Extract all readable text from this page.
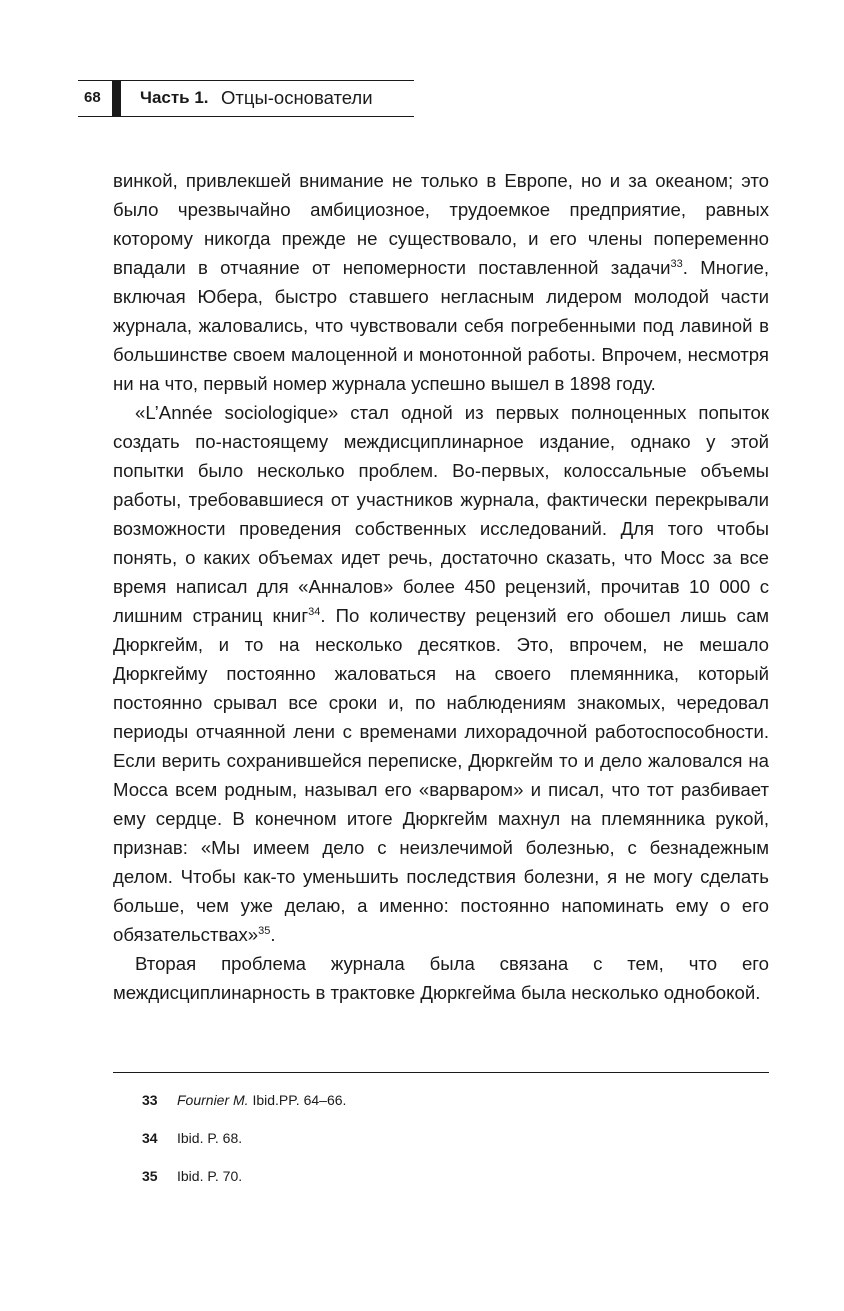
68 Часть 1. Отцы-основатели

винкой, привлекшей внимание не только в Европе, но и за океаном; это было чрезвычайно амбициозное, трудоемкое предприятие, равных которому никогда прежде не существовало, и его члены попеременно впадали в отчаяние от непомерности поставленной задачи$^{33}$. Многие, включая Юбера, быстро ставшего негласным лидером молодой части журнала, жаловались, что чувствовали себя погребенными под лавиной в большинстве своем малоценной и монотонной работы. Впрочем, несмотря ни на что, первый номер журнала успешно вышел в 1898 году.

«L’Année sociologique» стал одной из первых полноценных попыток создать по-настоящему междисциплинарное издание, однако у этой попытки было несколько проблем. Во-первых, колоссальные объемы работы, требовавшиеся от участников журнала, фактически перекрывали возможности проведения собственных исследований. Для того чтобы понять, о каких объемах идет речь, достаточно сказать, что Мосс за все время написал для «Анналов» более 450 рецензий, прочитав 10 000 с лишним страниц книг$^{34}$. По количеству рецензий его обошел лишь сам Дюркгейм, и то на несколько десятков. Это, впрочем, не мешало Дюркгейму постоянно жаловаться на своего племянника, который постоянно срывал все сроки и, по наблюдениям знакомых, чередовал периоды отчаянной лени с временами лихорадочной работоспособности. Если верить сохранившейся переписке, Дюркгейм то и дело жаловался на Мосса всем родным, называл его «варваром» и писал, что тот разбивает ему сердце. В конечном итоге Дюркгейм махнул на племянника рукой, признав: «Мы имеем дело с неизлечимой болезнью, с безнадежным делом. Чтобы как-то уменьшить последствия болезни, я не могу сделать больше, чем уже делаю, а именно: постоянно напоминать ему о его обязательствах»$^{35}$.

Вторая проблема журнала была связана с тем, что его междисциплинарность в трактовке Дюркгейма была несколько однобокой.

33 Fournier M. Ibid.PP. 64–66.
34 Ibid. P. 68.
35 Ibid. P. 70.
